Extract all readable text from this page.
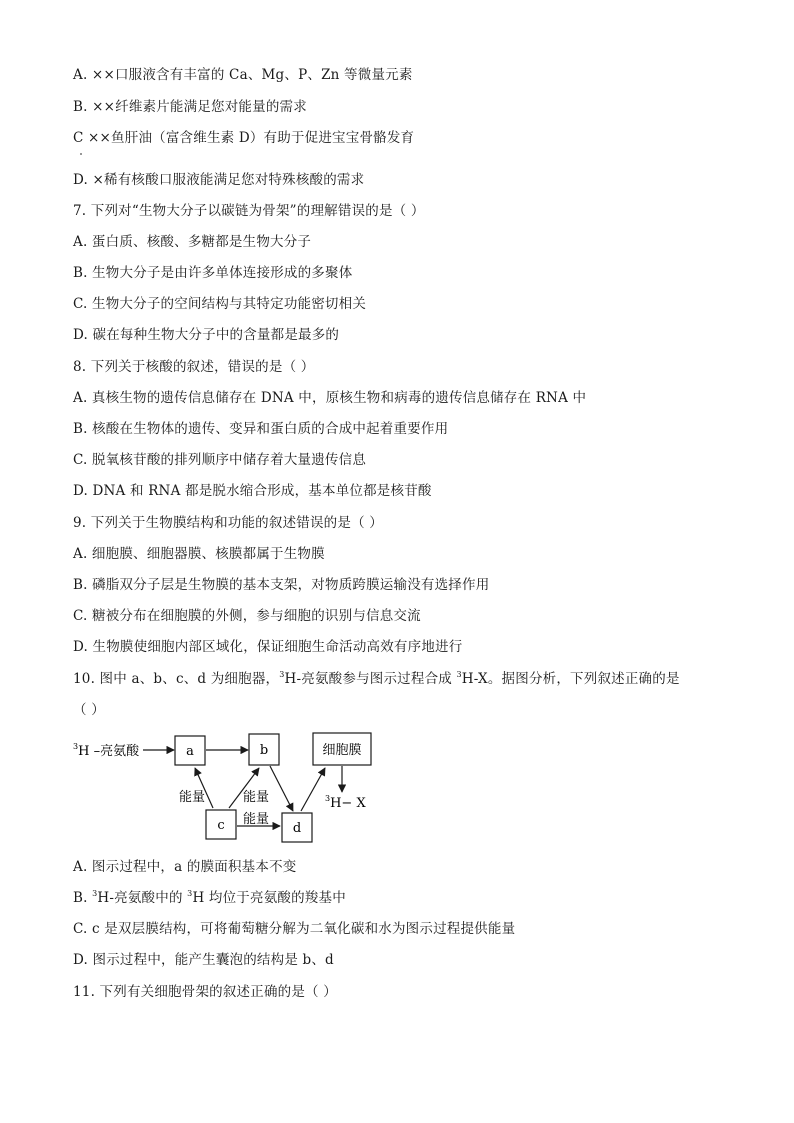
A. ××口服液含有丰富的 Ca、Mg、P、Zn 等微量元素
B. ××纤维素片能满足您对能量的需求
C ××鱼肝油（富含维生素 D）有助于促进宝宝骨骼发育
D. ×稀有核酸口服液能满足您对特殊核酸的需求
7. 下列对“生物大分子以碳链为骨架”的理解错误的是（ ）
A. 蛋白质、核酸、多糖都是生物大分子
B. 生物大分子是由许多单体连接形成的多聚体
C. 生物大分子的空间结构与其特定功能密切相关
D. 碳在每种生物大分子中的含量都是最多的
8. 下列关于核酸的叙述，错误的是（ ）
A. 真核生物的遗传信息储存在 DNA 中，原核生物和病毒的遗传信息储存在 RNA 中
B. 核酸在生物体的遗传、变异和蛋白质的合成中起着重要作用
C. 脱氧核苷酸的排列顺序中储存着大量遗传信息
D. DNA 和 RNA 都是脱水缩合形成，基本单位都是核苷酸
9. 下列关于生物膜结构和功能的叙述错误的是（ ）
A. 细胞膜、细胞器膜、核膜都属于生物膜
B. 磷脂双分子层是生物膜的基本支架，对物质跨膜运输没有选择作用
C. 糖被分布在细胞膜的外侧，参与细胞的识别与信息交流
D. 生物膜使细胞内部区域化，保证细胞生命活动高效有序地进行
10. 图中 a、b、c、d 为细胞器，$^3$H-亮氨酸参与图示过程合成 $^3$H-X。据图分析，下列叙述正确的是
（ ）
$^3$H –亮氨酸	a	b	细胞膜
$^3$H− X
c	d
能量	能量
能量
A. 图示过程中，a 的膜面积基本不变
B. $^3$H-亮氨酸中的 $^3$H 均位于亮氨酸的羧基中
C. c 是双层膜结构，可将葡萄糖分解为二氧化碳和水为图示过程提供能量
D. 图示过程中，能产生囊泡的结构是 b、d
11. 下列有关细胞骨架的叙述正确的是（ ）
